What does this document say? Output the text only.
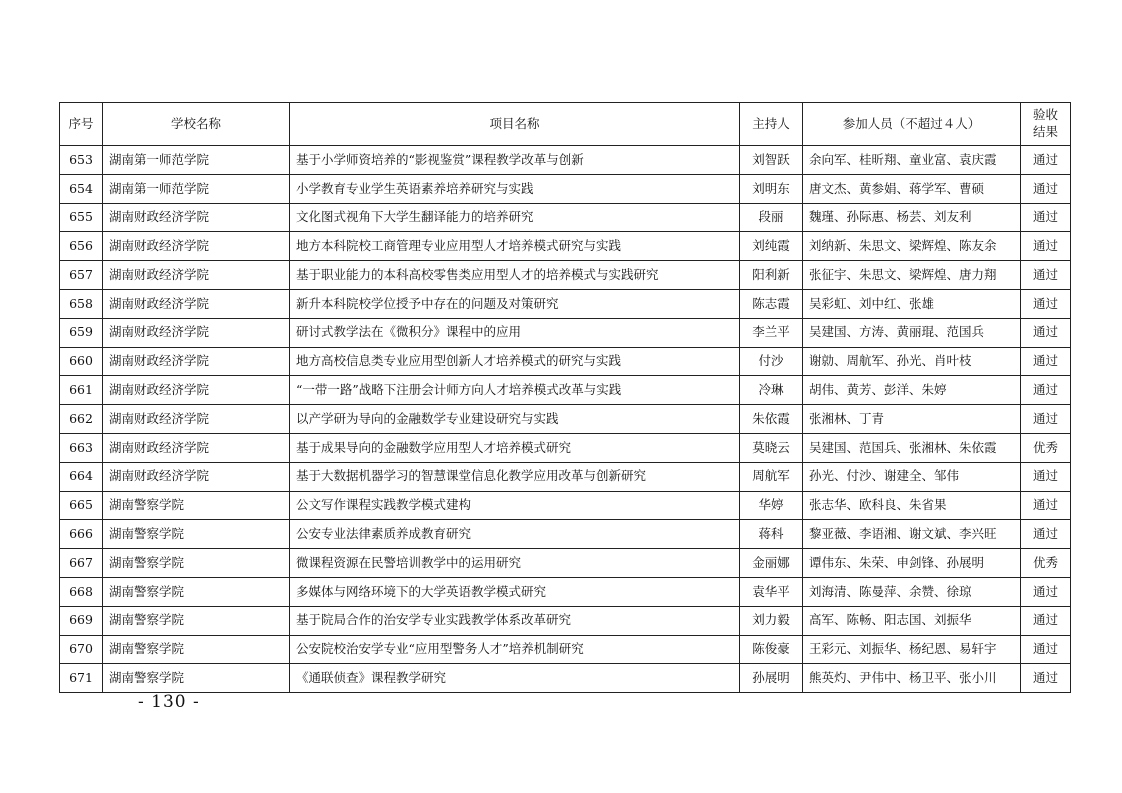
序号	学校名称	项目名称	主持人	参加人员（不超过４人）	验收结果
653	湖南第一师范学院	基于小学师资培养的“影视鉴赏”课程教学改革与创新	刘智跃	余向军、桂昕翔、童业富、袁庆霞	通过
654	湖南第一师范学院	小学教育专业学生英语素养培养研究与实践	刘明东	唐文杰、黄参娟、蒋学军、曹硕	通过
655	湖南财政经济学院	文化图式视角下大学生翻译能力的培养研究	段丽	魏瑾、孙际惠、杨芸、刘友利	通过
656	湖南财政经济学院	地方本科院校工商管理专业应用型人才培养模式研究与实践	刘纯霞	刘纳新、朱思文、梁辉煌、陈友余	通过
657	湖南财政经济学院	基于职业能力的本科高校零售类应用型人才的培养模式与实践研究	阳利新	张征宇、朱思文、梁辉煌、唐力翔	通过
658	湖南财政经济学院	新升本科院校学位授予中存在的问题及对策研究	陈志霞	吴彩虹、刘中红、张雄	通过
659	湖南财政经济学院	研讨式教学法在《微积分》课程中的应用	李兰平	吴建国、方涛、黄丽琨、范国兵	通过
660	湖南财政经济学院	地方高校信息类专业应用型创新人才培养模式的研究与实践	付沙	谢勍、周航军、孙光、肖叶枝	通过
661	湖南财政经济学院	“一带一路”战略下注册会计师方向人才培养模式改革与实践	冷琳	胡伟、黄芳、彭洋、朱婷	通过
662	湖南财政经济学院	以产学研为导向的金融数学专业建设研究与实践	朱依霞	张湘林、丁青	通过
663	湖南财政经济学院	基于成果导向的金融数学应用型人才培养模式研究	莫晓云	吴建国、范国兵、张湘林、朱依霞	优秀
664	湖南财政经济学院	基于大数据机器学习的智慧课堂信息化教学应用改革与创新研究	周航军	孙光、付沙、谢建全、邹伟	通过
665	湖南警察学院	公文写作课程实践教学模式建构	华婷	张志华、欧科良、朱省果	通过
666	湖南警察学院	公安专业法律素质养成教育研究	蒋科	黎亚薇、李语湘、谢文斌、李兴旺	通过
667	湖南警察学院	微课程资源在民警培训教学中的运用研究	金丽娜	谭伟东、朱荣、申剑锋、孙展明	优秀
668	湖南警察学院	多媒体与网络环境下的大学英语教学模式研究	袁华平	刘海清、陈曼萍、余赞、徐琼	通过
669	湖南警察学院	基于院局合作的治安学专业实践教学体系改革研究	刘力毅	高军、陈畅、阳志国、刘振华	通过
670	湖南警察学院	公安院校治安学专业“应用型警务人才”培养机制研究	陈俊豪	王彩元、刘振华、杨纪恩、易轩宇	通过
671	湖南警察学院	《通联侦查》课程教学研究	孙展明	熊英灼、尹伟中、杨卫平、张小川	通过
- 130 -
